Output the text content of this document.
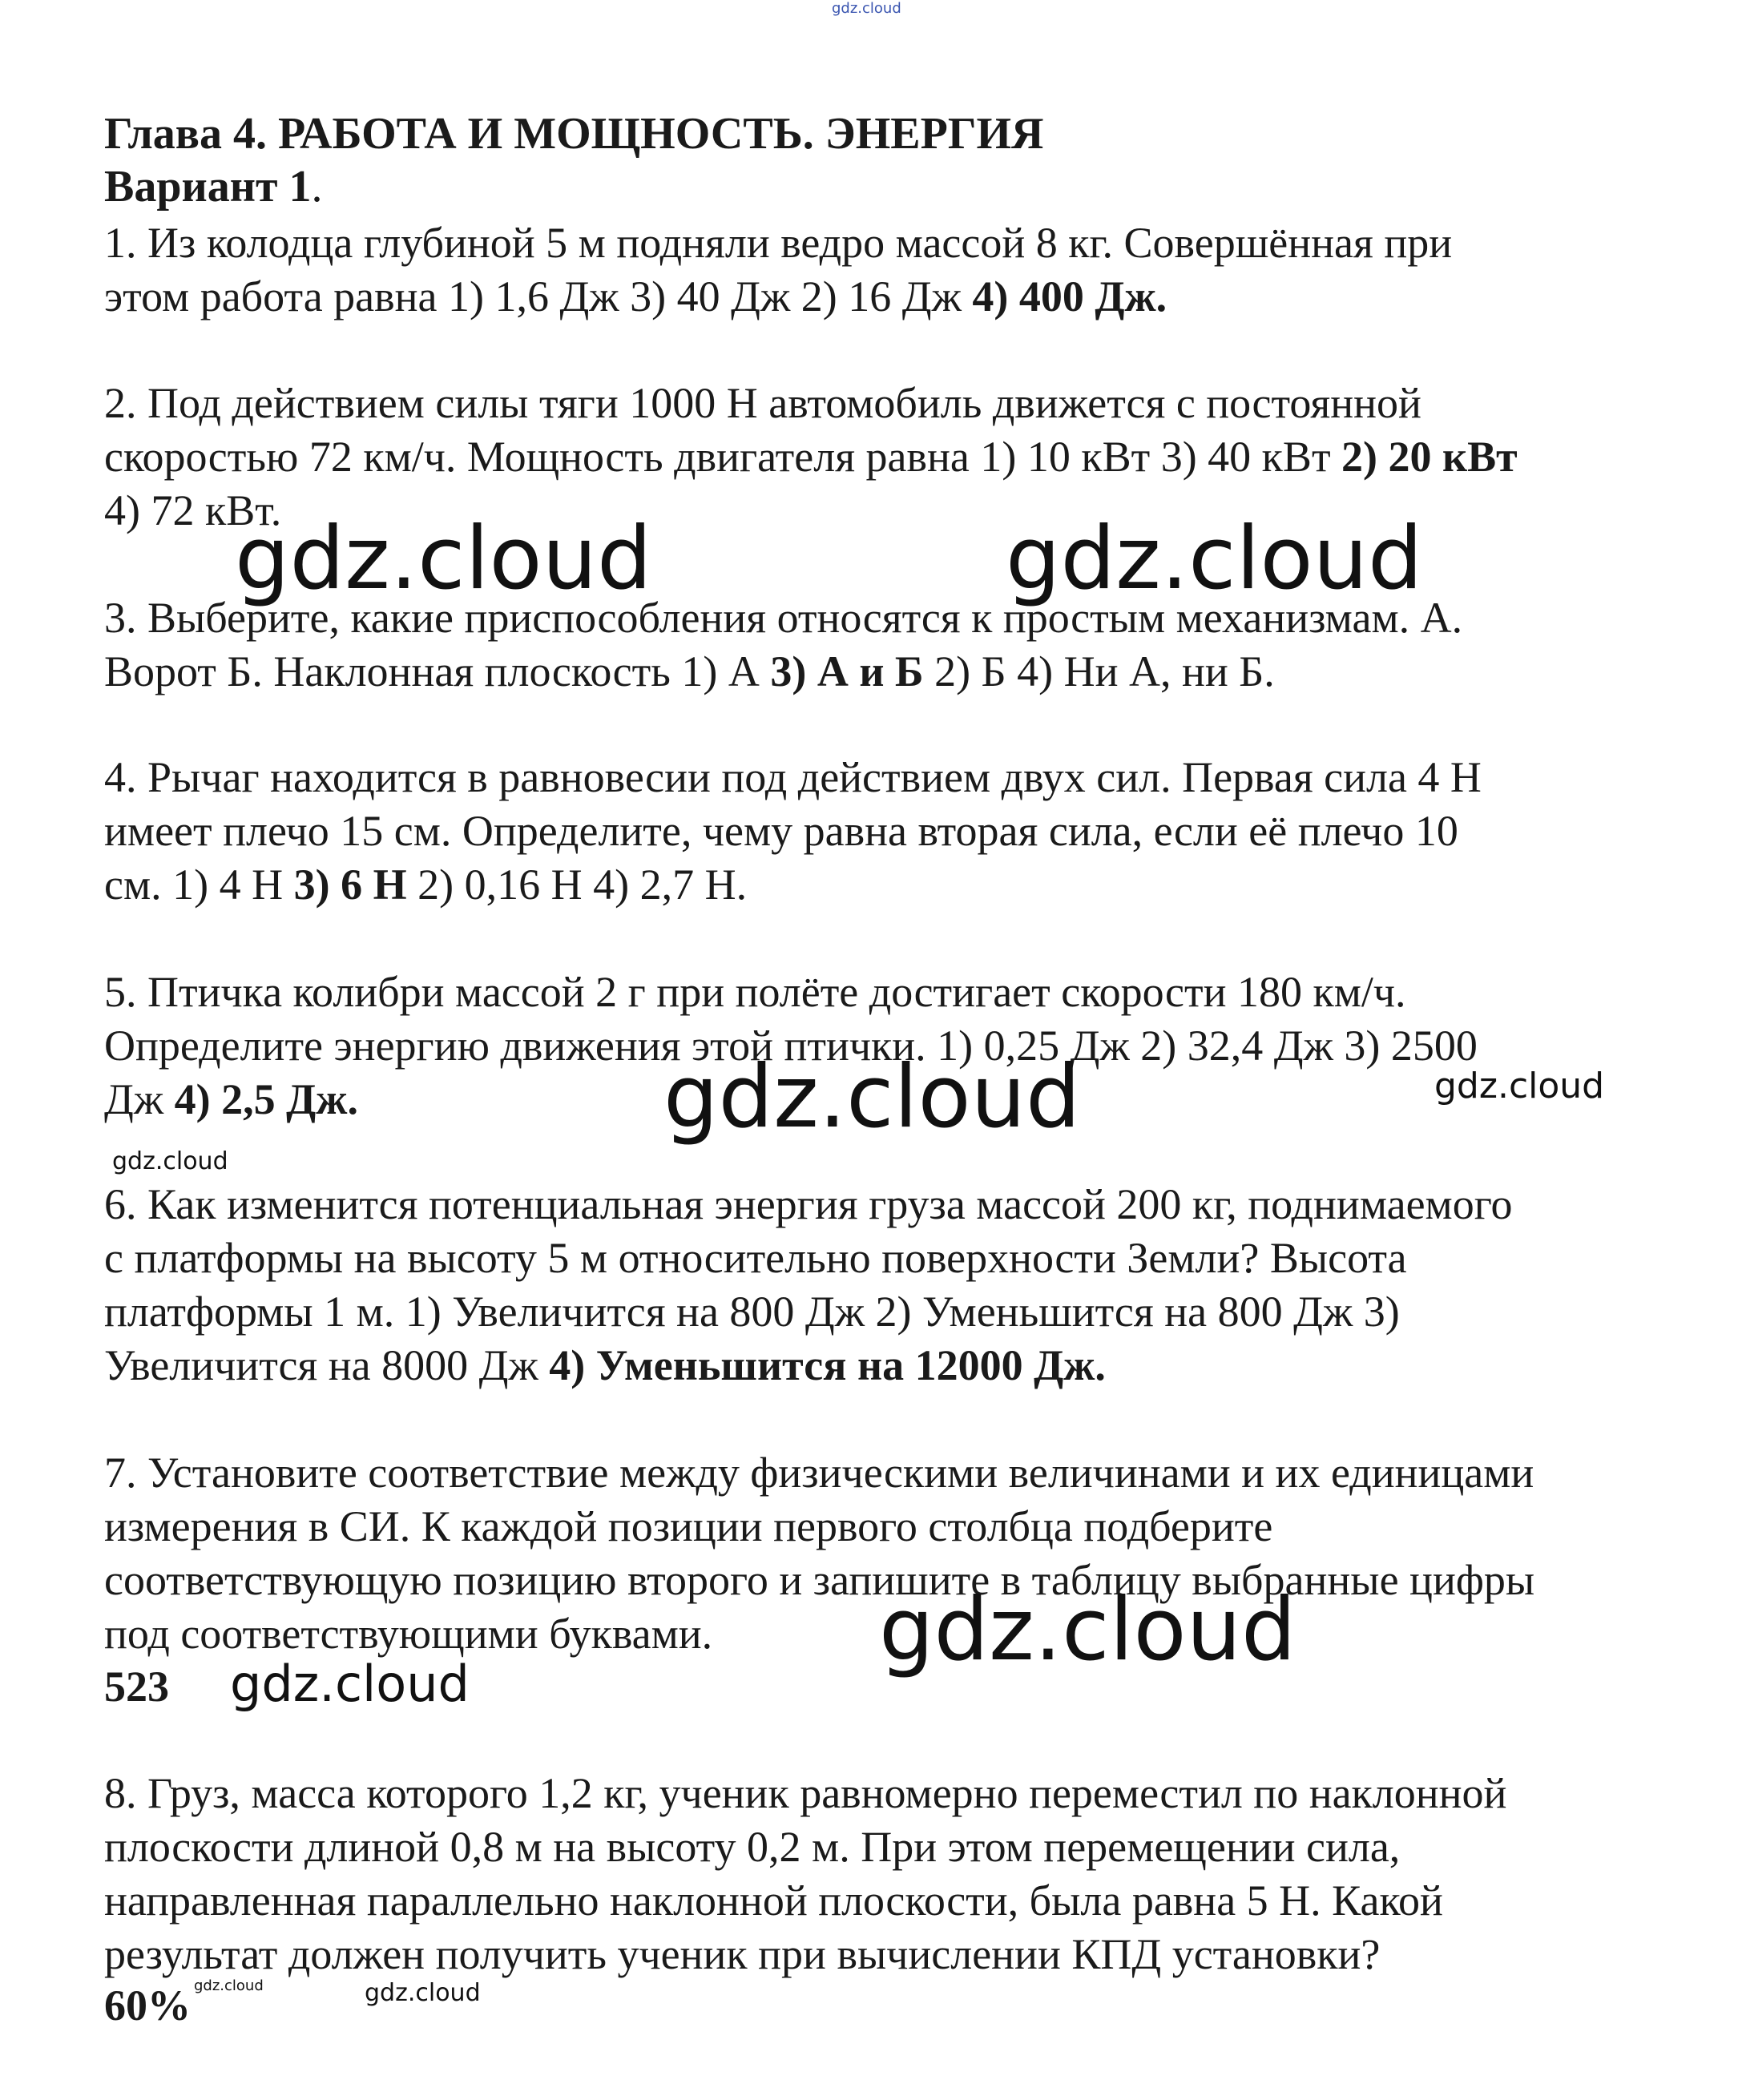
gdz.cloud
Глава 4. РАБОТА И МОЩНОСТЬ. ЭНЕРГИЯ
Вариант 1.
1. Из колодца глубиной 5 м подняли ведро массой 8 кг. Совершённая при
этом работа равна 1) 1,6 Дж 3) 40 Дж 2) 16 Дж 4) 400 Дж.
2. Под действием силы тяги 1000 Н автомобиль движется с постоянной
скоростью 72 км/ч. Мощность двигателя равна 1) 10 кВт 3) 40 кВт 2) 20 кВт
4) 72 кВт.
3. Выберите, какие приспособления относятся к простым механизмам. А.
Ворот Б. Наклонная плоскость 1) А 3) А и Б 2) Б 4) Ни А, ни Б.
4. Рычаг находится в равновесии под действием двух сил. Первая сила 4 Н
имеет плечо 15 см. Определите, чему равна вторая сила, если её плечо 10
см. 1) 4 Н 3) 6 Н 2) 0,16 Н 4) 2,7 Н.
5. Птичка колибри массой 2 г при полёте достигает скорости 180 км/ч.
Определите энергию движения этой птички. 1) 0,25 Дж 2) 32,4 Дж 3) 2500
Дж 4) 2,5 Дж.
6. Как изменится потенциальная энергия груза массой 200 кг, поднимаемого
с платформы на высоту 5 м относительно поверхности Земли? Высота
платформы 1 м. 1) Увеличится на 800 Дж 2) Уменьшится на 800 Дж 3)
Увеличится на 8000 Дж 4) Уменьшится на 12000 Дж.
7. Установите соответствие между физическими величинами и их единицами
измерения в СИ. К каждой позиции первого столбца подберите
соответствующую позицию второго и запишите в таблицу выбранные цифры
под соответствующими буквами.
523
8. Груз, масса которого 1,2 кг, ученик равномерно переместил по наклонной
плоскости длиной 0,8 м на высоту 0,2 м. При этом перемещении сила,
направленная параллельно наклонной плоскости, была равна 5 Н. Какой
результат должен получить ученик при вычислении КПД установки?
60%
gdz.cloud	gdz.cloud
gdz.cloud	gdz.cloud
gdz.cloud
gdz.cloud
gdz.cloud
gdz.cloud	gdz.cloud
